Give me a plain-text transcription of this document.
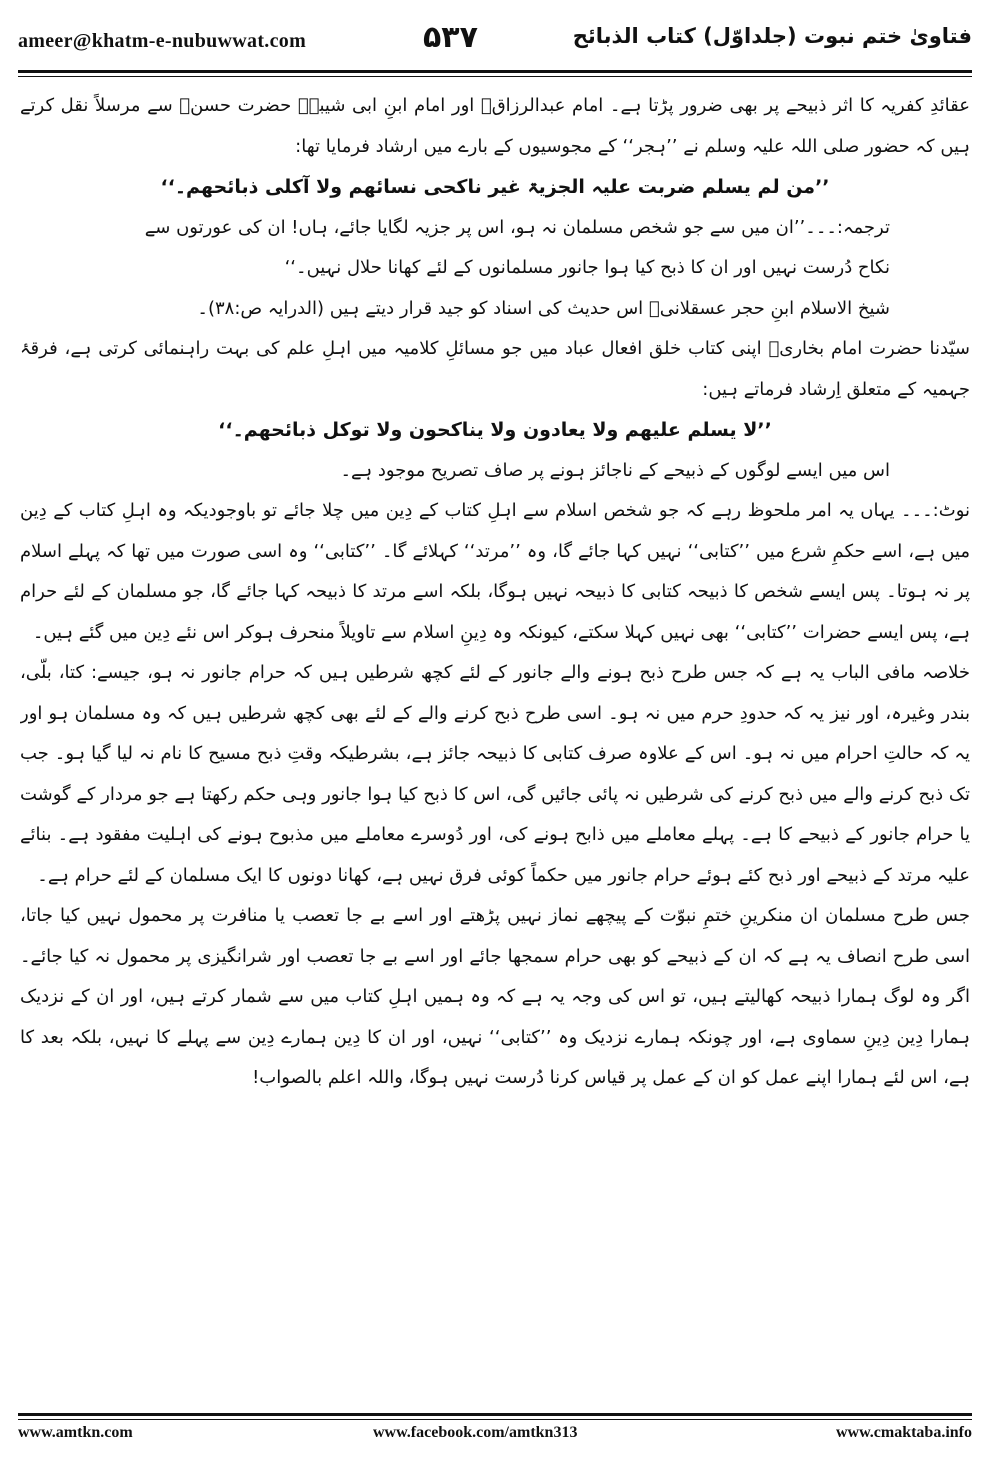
ameer@khatm-e-nubuwwat.com	۵۳۷	فتاویٰ ختم نبوت (جلداوّل) کتاب الذبائح

عقائدِ کفریہ کا اثر ذبیحے پر بھی ضرور پڑتا ہے۔ امام عبدالرزاقؒ اور امام ابنِ ابی شیبہؒ حضرت حسنؒ سے مرسلاً نقل کرتے ہیں کہ حضور صلی اللہ علیہ وسلم نے ’’ہجر‘‘ کے مجوسیوں کے بارے میں ارشاد فرمایا تھا:

’’من لم یسلم ضربت علیہ الجزیۃ غیر ناکحی نسائھم ولا آکلی ذبائحھم۔‘‘

ترجمہ:۔۔۔’’ان میں سے جو شخص مسلمان نہ ہو، اس پر جزیہ لگایا جائے، ہاں! ان کی عورتوں سے

نکاح دُرست نہیں اور ان کا ذبح کیا ہوا جانور مسلمانوں کے لئے کھانا حلال نہیں۔‘‘

شیخ الاسلام ابنِ حجر عسقلانیؒ اس حدیث کی اسناد کو جید قرار دیتے ہیں (الدرایہ ص:۳۸)۔

سیّدنا حضرت امام بخاریؒ اپنی کتاب خلق افعال عباد میں جو مسائلِ کلامیہ میں اہلِ علم کی بہت راہنمائی کرتی ہے، فرقۂ جہمیہ کے متعلق اِرشاد فرماتے ہیں:

’’لا یسلم علیھم ولا یعادون ولا یناکحون ولا توکل ذبائحھم۔‘‘

اس میں ایسے لوگوں کے ذبیحے کے ناجائز ہونے پر صاف تصریح موجود ہے۔

نوٹ:۔۔۔ یہاں یہ امر ملحوظ رہے کہ جو شخص اسلام سے اہلِ کتاب کے دِین میں چلا جائے تو باوجودیکہ وہ اہلِ کتاب کے دِین میں ہے، اسے حکمِ شرع میں ’’کتابی‘‘ نہیں کہا جائے گا، وہ ’’مرتد‘‘ کہلائے گا۔ ’’کتابی‘‘ وہ اسی صورت میں تھا کہ پہلے اسلام پر نہ ہوتا۔ پس ایسے شخص کا ذبیحہ کتابی کا ذبیحہ نہیں ہوگا، بلکہ اسے مرتد کا ذبیحہ کہا جائے گا، جو مسلمان کے لئے حرام ہے، پس ایسے حضرات ’’کتابی‘‘ بھی نہیں کہلا سکتے، کیونکہ وہ دِینِ اسلام سے تاویلاً منحرف ہوکر اس نئے دِین میں گئے ہیں۔

خلاصہ مافی الباب یہ ہے کہ جس طرح ذبح ہونے والے جانور کے لئے کچھ شرطیں ہیں کہ حرام جانور نہ ہو، جیسے: کتا، بلّی، بندر وغیرہ، اور نیز یہ کہ حدودِ حرم میں نہ ہو۔ اسی طرح ذبح کرنے والے کے لئے بھی کچھ شرطیں ہیں کہ وہ مسلمان ہو اور یہ کہ حالتِ احرام میں نہ ہو۔ اس کے علاوہ صرف کتابی کا ذبیحہ جائز ہے، بشرطیکہ وقتِ ذبح مسیح کا نام نہ لیا گیا ہو۔ جب تک ذبح کرنے والے میں ذبح کرنے کی شرطیں نہ پائی جائیں گی، اس کا ذبح کیا ہوا جانور وہی حکم رکھتا ہے جو مردار کے گوشت یا حرام جانور کے ذبیحے کا ہے۔ پہلے معاملے میں ذابح ہونے کی، اور دُوسرے معاملے میں مذبوح ہونے کی اہلیت مفقود ہے۔ بنائے علیہ مرتد کے ذبیحے اور ذبح کئے ہوئے حرام جانور میں حکماً کوئی فرق نہیں ہے، کھانا دونوں کا ایک مسلمان کے لئے حرام ہے۔

جس طرح مسلمان ان منکرینِ ختمِ نبوّت کے پیچھے نماز نہیں پڑھتے اور اسے بے جا تعصب یا منافرت پر محمول نہیں کیا جاتا، اسی طرح انصاف یہ ہے کہ ان کے ذبیحے کو بھی حرام سمجھا جائے اور اسے بے جا تعصب اور شرانگیزی پر محمول نہ کیا جائے۔ اگر وہ لوگ ہمارا ذبیحہ کھالیتے ہیں، تو اس کی وجہ یہ ہے کہ وہ ہمیں اہلِ کتاب میں سے شمار کرتے ہیں، اور ان کے نزدیک ہمارا دِین دِینِ سماوی ہے، اور چونکہ ہمارے نزدیک وہ ’’کتابی‘‘ نہیں، اور ان کا دِین ہمارے دِین سے پہلے کا نہیں، بلکہ بعد کا ہے، اس لئے ہمارا اپنے عمل کو ان کے عمل پر قیاس کرنا دُرست نہیں ہوگا، واللہ اعلم بالصواب!

www.amtkn.com	www.facebook.com/amtkn313	www.cmaktaba.info
